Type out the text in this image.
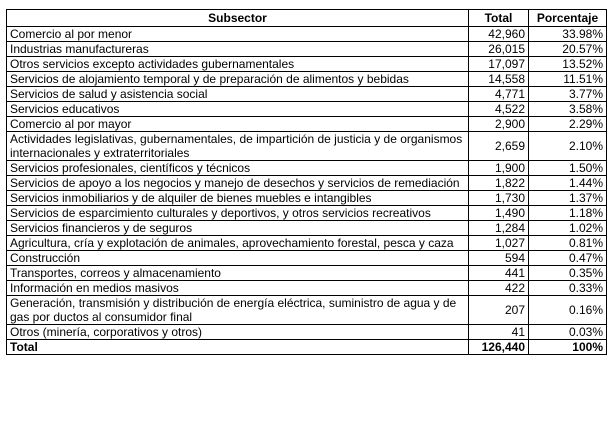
Subsector	Total	Porcentaje
Comercio al por menor	42,960	33.98%
Industrias manufactureras	26,015	20.57%
Otros servicios excepto actividades gubernamentales	17,097	13.52%
Servicios de alojamiento temporal y de preparación de alimentos y bebidas	14,558	11.51%
Servicios de salud y asistencia social	4,771	3.77%
Servicios educativos	4,522	3.58%
Comercio al por mayor	2,900	2.29%
Actividades legislativas, gubernamentales, de impartición de justicia y de organismos internacionales y extraterritoriales	2,659	2.10%
Servicios profesionales, científicos y técnicos	1,900	1.50%
Servicios de apoyo a los negocios y manejo de desechos y servicios de remediación	1,822	1.44%
Servicios inmobiliarios y de alquiler de bienes muebles e intangibles	1,730	1.37%
Servicios de esparcimiento culturales y deportivos, y otros servicios recreativos	1,490	1.18%
Servicios financieros y de seguros	1,284	1.02%
Agricultura, cría y explotación de animales, aprovechamiento forestal, pesca y caza	1,027	0.81%
Construcción	594	0.47%
Transportes, correos y almacenamiento	441	0.35%
Información en medios masivos	422	0.33%
Generación, transmisión y distribución de energía eléctrica, suministro de agua y de gas por ductos al consumidor final	207	0.16%
Otros (minería, corporativos y otros)	41	0.03%
Total	126,440	100%
